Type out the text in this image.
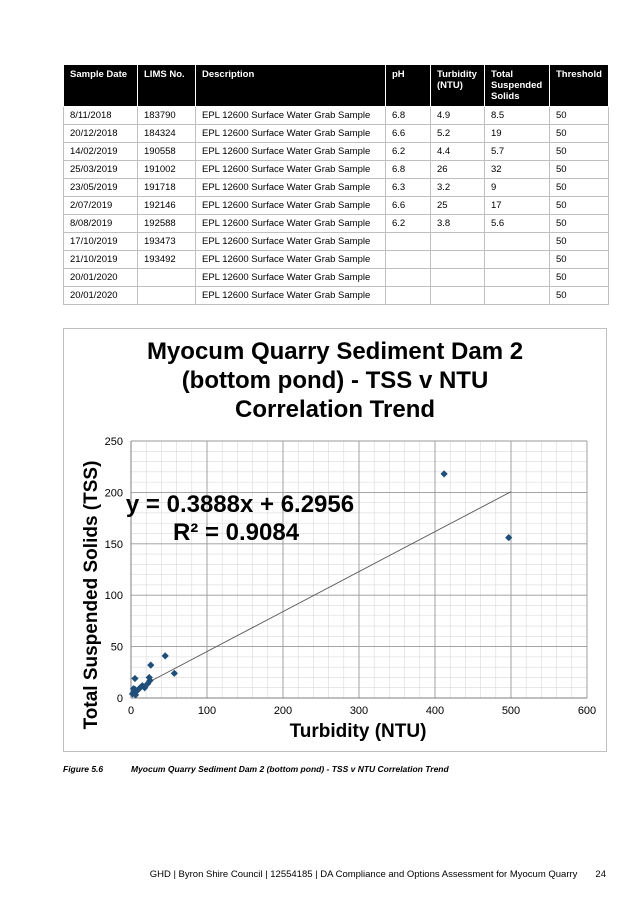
Sample Date	LIMS No.	Description	pH	Turbidity (NTU)	Total Suspended Solids	Threshold
8/11/2018	183790	EPL 12600 Surface Water Grab Sample	6.8	4.9	8.5	50
20/12/2018	184324	EPL 12600 Surface Water Grab Sample	6.6	5.2	19	50
14/02/2019	190558	EPL 12600 Surface Water Grab Sample	6.2	4.4	5.7	50
25/03/2019	191002	EPL 12600 Surface Water Grab Sample	6.8	26	32	50
23/05/2019	191718	EPL 12600 Surface Water Grab Sample	6.3	3.2	9	50
2/07/2019	192146	EPL 12600 Surface Water Grab Sample	6.6	25	17	50
8/08/2019	192588	EPL 12600 Surface Water Grab Sample	6.2	3.8	5.6	50
17/10/2019	193473	EPL 12600 Surface Water Grab Sample				50
21/10/2019	193492	EPL 12600 Surface Water Grab Sample				50
20/01/2020		EPL 12600 Surface Water Grab Sample				50
20/01/2020		EPL 12600 Surface Water Grab Sample				50
0	100	200	300	400	500	600
0
50
100
150
200
250
y = 0.3888x + 6.2956
R² = 0.9084
Turbidity (NTU)
Total Suspended Solids (TSS)
Myocum Quarry Sediment Dam 2
(bottom pond) - TSS v NTU
Correlation Trend
Figure 5.6	Myocum Quarry Sediment Dam 2 (bottom pond) - TSS v NTU Correlation Trend
GHD | Byron Shire Council | 12554185 | DA Compliance and Options Assessment for Myocum Quarry 24
